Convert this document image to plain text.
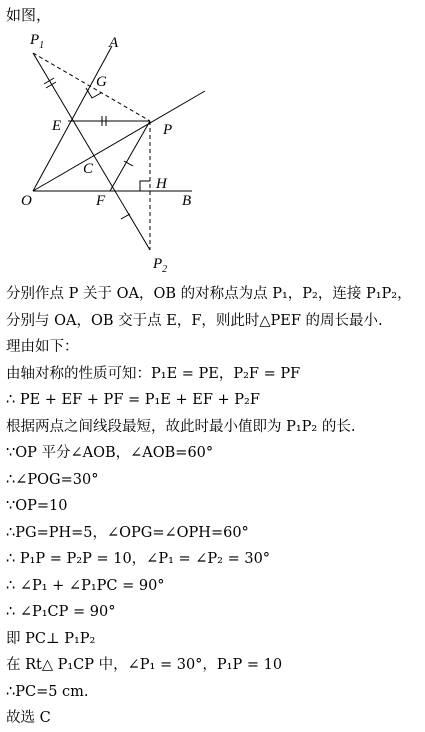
如图，
$P_1$	A
G
E	P
C
H
O	F	B
$P_2$
分别作点 P 关于 OA，OB 的对称点为点 P₁，P₂，连接 P₁P₂，
分别与 OA，OB 交于点 E，F，则此时△PEF 的周长最小.
理由如下：
由轴对称的性质可知：P₁E = PE，P₂F = PF
∴ PE + EF + PF = P₁E + EF + P₂F
根据两点之间线段最短，故此时最小值即为 P₁P₂ 的长.
∵OP 平分∠AOB，∠AOB=60°
∴∠POG=30°
∵OP=10
∴PG=PH=5，∠OPG=∠OPH=60°
∴ P₁P = P₂P = 10，∠P₁ = ∠P₂ = 30°
∴ ∠P₁ + ∠P₁PC = 90°
∴ ∠P₁CP = 90°
即 PC⊥ P₁P₂
在 Rt△ P₁CP 中，∠P₁ = 30°，P₁P = 10
∴PC=5 cm.
故选 C
